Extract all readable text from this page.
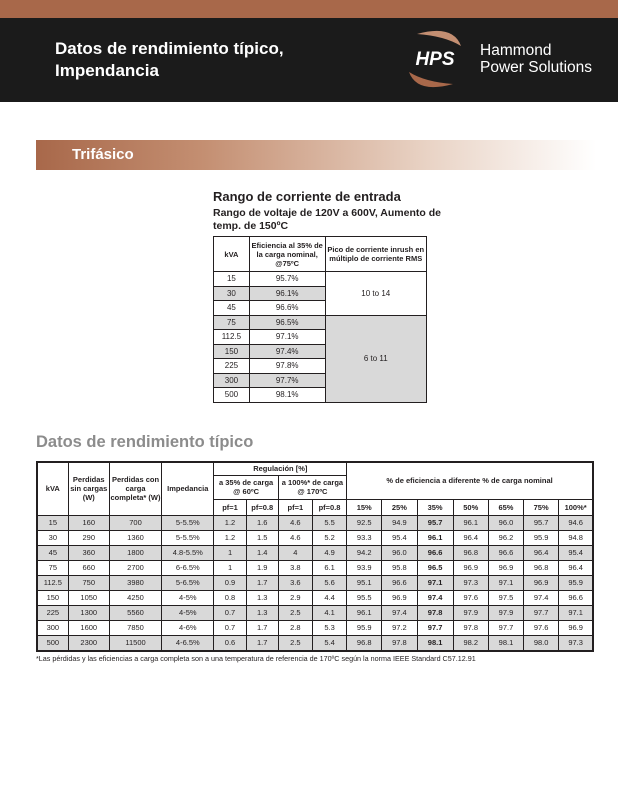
Datos de rendimiento típico,
Impendancia
HPS Hammond
Power Solutions
Trifásico
Rango de corriente de entrada
Rango de voltaje de 120V a 600V, Aumento de temp. de 150ºC
kVA	Eficiencia al 35% de la carga nominal, @75ºC	Pico de corriente inrush en múltiplo de corriente RMS
15	95.7%	10 to 14
30	96.1%	
45	96.6%	
75	96.5%	6 to 11
112.5	97.1%	
150	97.4%	
225	97.8%	
300	97.7%	
500	98.1%	
Datos de rendimiento típico
kVA	Perdidas sin cargas (W)	Perdidas con carga completa* (W)	Impedancia	Regulación [%]				% de eficiencia a diferente % de carga nominal						
				a 35% de carga @ 60ºC		a 100%* de carga @ 170ºC								
				pf=1	pf=0.8	pf=1	pf=0.8	15%	25%	35%	50%	65%	75%	100%*
15	160	700	5-5.5%	1.2	1.6	4.6	5.5	92.5	94.9	95.7	96.1	96.0	95.7	94.6
30	290	1360	5-5.5%	1.2	1.5	4.6	5.2	93.3	95.4	96.1	96.4	96.2	95.9	94.8
45	360	1800	4.8-5.5%	1	1.4	4	4.9	94.2	96.0	96.6	96.8	96.6	96.4	95.4
75	660	2700	6-6.5%	1	1.9	3.8	6.1	93.9	95.8	96.5	96.9	96.9	96.8	96.4
112.5	750	3980	5-6.5%	0.9	1.7	3.6	5.6	95.1	96.6	97.1	97.3	97.1	96.9	95.9
150	1050	4250	4-5%	0.8	1.3	2.9	4.4	95.5	96.9	97.4	97.6	97.5	97.4	96.6
225	1300	5560	4-5%	0.7	1.3	2.5	4.1	96.1	97.4	97.8	97.9	97.9	97.7	97.1
300	1600	7850	4-6%	0.7	1.7	2.8	5.3	95.9	97.2	97.7	97.8	97.7	97.6	96.9
500	2300	11500	4-6.5%	0.6	1.7	2.5	5.4	96.8	97.8	98.1	98.2	98.1	98.0	97.3
*Las pérdidas y las eficiencias a carga completa son a una temperatura de referencia de 170ºC según la norma IEEE Standard C57.12.91
